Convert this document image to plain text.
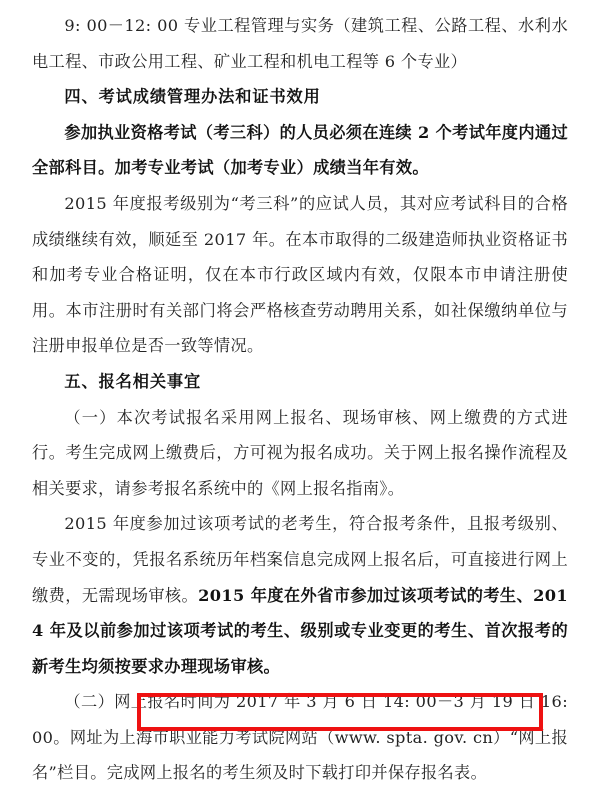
9: 00－12: 00 专业工程管理与实务（建筑工程、公路工程、水利水电工程、市政公用工程、矿业工程和机电工程等 6 个专业）

四、考试成绩管理办法和证书效用

参加执业资格考试（考三科）的人员必须在连续 2 个考试年度内通过全部科目。加考专业考试（加考专业）成绩当年有效。

2015 年度报考级别为“考三科”的应试人员，其对应考试科目的合格成绩继续有效，顺延至 2017 年。在本市取得的二级建造师执业资格证书和加考专业合格证明，仅在本市行政区域内有效，仅限本市申请注册使用。本市注册时有关部门将会严格核查劳动聘用关系，如社保缴纳单位与注册申报单位是否一致等情况。

五、报名相关事宜

（一）本次考试报名采用网上报名、现场审核、网上缴费的方式进行。考生完成网上缴费后，方可视为报名成功。关于网上报名操作流程及相关要求，请参考报名系统中的《网上报名指南》。

2015 年度参加过该项考试的老考生，符合报考条件，且报考级别、专业不变的，凭报名系统历年档案信息完成网上报名后，可直接进行网上缴费，无需现场审核。2015 年度在外省市参加过该项考试的考生、2014 年及以前参加过该项考试的考生、级别或专业变更的考生、首次报考的新考生均须按要求办理现场审核。

（二）网上报名时间为 2017 年 3 月 6 日 14: 00－3 月 19 日 16: 00。网址为上海市职业能力考试院网站（www. spta. gov. cn）“网上报名”栏目。完成网上报名的考生须及时下载打印并保存报名表。
